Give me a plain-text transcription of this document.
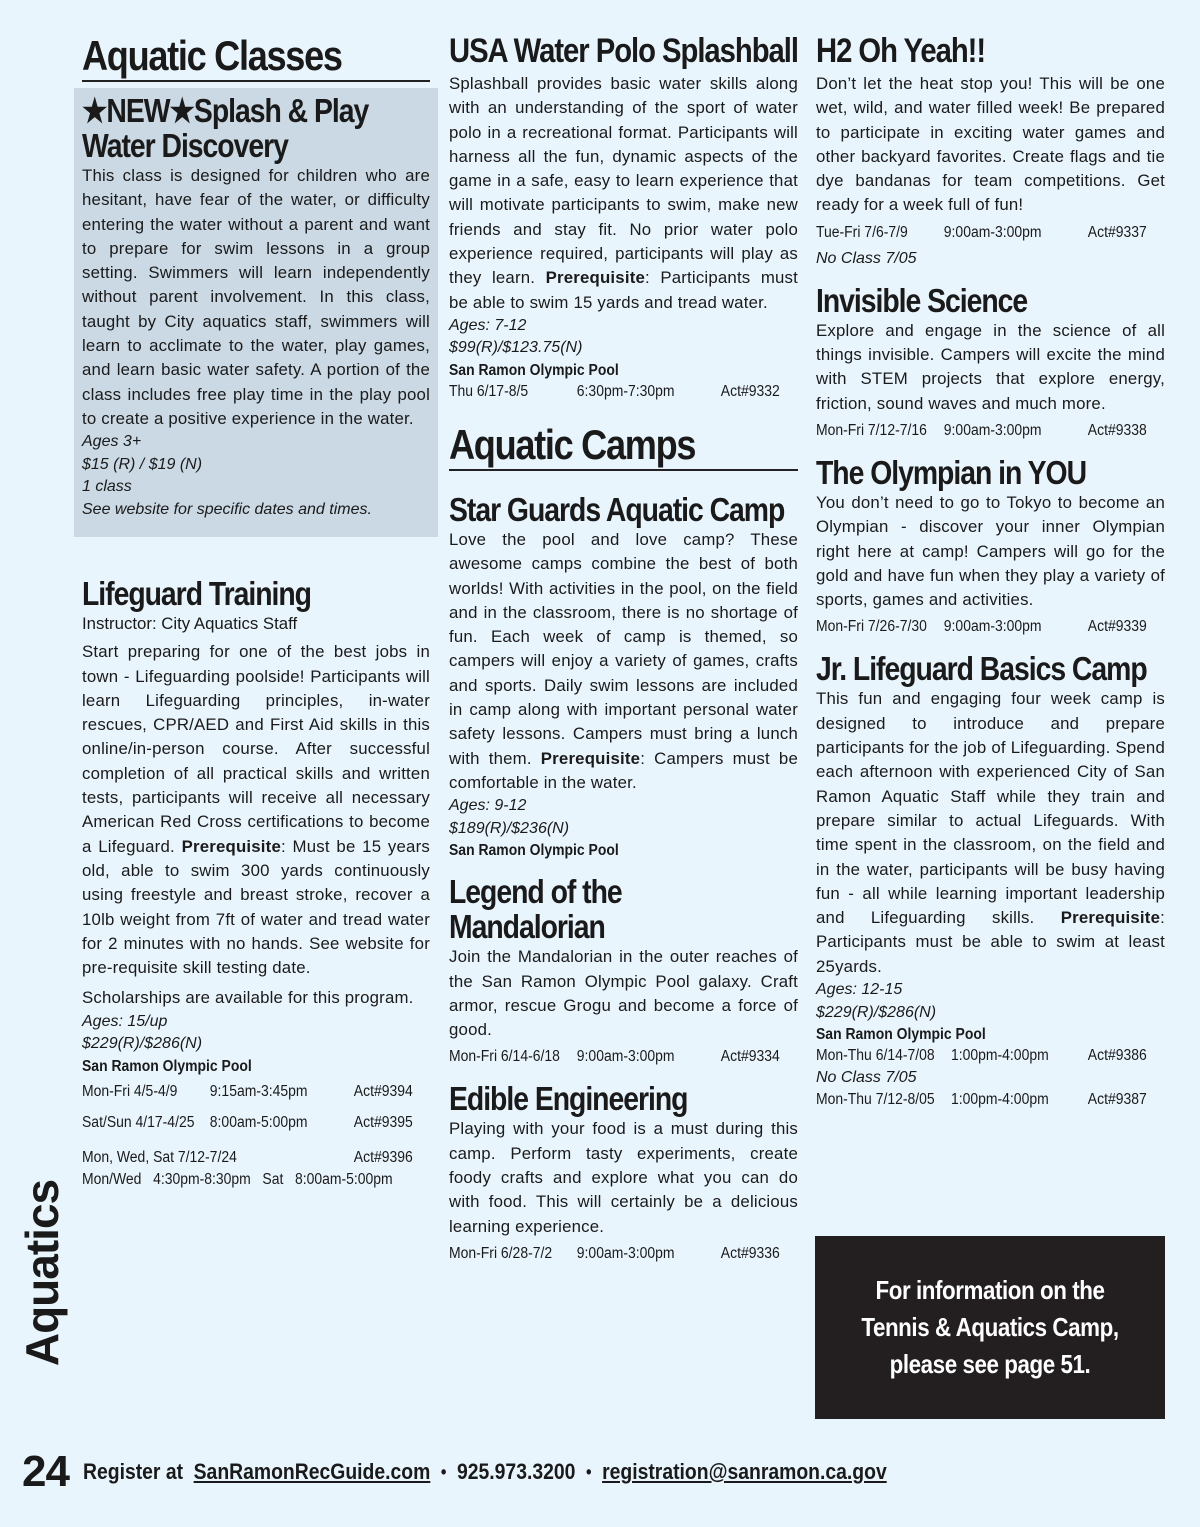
Aquatic Classes
★NEW★Splash & Play
Water Discovery

This class is designed for children who are hesitant, have fear of the water, or difficulty entering the water without a parent and want to prepare for swim lessons in a group setting. Swimmers will learn independently without parent involvement. In this class, taught by City aquatics staff, swimmers will learn to acclimate to the water, play games, and learn basic water safety. A portion of the class includes free play time in the play pool to create a positive experience in the water.

Ages 3+
$15 (R) / $19 (N)
1 class
See website for specific dates and times.
Lifeguard Training
Instructor: City Aquatics Staff

Start preparing for one of the best jobs in town - Lifeguarding poolside! Participants will learn Lifeguarding principles, in-water rescues, CPR/AED and First Aid skills in this online/in-person course. After successful completion of all practical skills and written tests, participants will receive all necessary American Red Cross certifications to become a Lifeguard. Prerequisite: Must be 15 years old, able to swim 300 yards continuously using freestyle and breast stroke, recover a 10lb weight from 7ft of water and tread water for 2 minutes with no hands. See website for pre-requisite skill testing date.

Scholarships are available for this program.

Ages: 15/up
$229(R)/$286(N)
San Ramon Olympic Pool
Mon-Fri 4/5-4/9	9:15am-3:45pm	Act#9394
Sat/Sun 4/17-4/25 8:00am-5:00pm	Act#9395
Mon, Wed, Sat 7/12-7/24	Act#9396
Mon/Wed   4:30pm-8:30pm   Sat   8:00am-5:00pm
USA Water Polo Splashball

Splashball provides basic water skills along with an understanding of the sport of water polo in a recreational format. Participants will harness all the fun, dynamic aspects of the game in a safe, easy to learn experience that will motivate participants to swim, make new friends and stay fit. No prior water polo experience required, participants will play as they learn. Prerequisite: Participants must be able to swim 15 yards and tread water.

Ages: 7-12
$99(R)/$123.75(N)
San Ramon Olympic Pool
Thu 6/17-8/5	6:30pm-7:30pm	Act#9332
Aquatic Camps
Star Guards Aquatic Camp

Love the pool and love camp? These awesome camps combine the best of both worlds! With activities in the pool, on the field and in the classroom, there is no shortage of fun. Each week of camp is themed, so campers will enjoy a variety of games, crafts and sports. Daily swim lessons are included in camp along with important personal water safety lessons. Campers must bring a lunch with them. Prerequisite: Campers must be comfortable in the water.

Ages: 9-12
$189(R)/$236(N)
San Ramon Olympic Pool
Legend of the
Mandalorian

Join the Mandalorian in the outer reaches of the San Ramon Olympic Pool galaxy. Craft armor, rescue Grogu and become a force of good.

Mon-Fri 6/14-6/18	9:00am-3:00pm	Act#9334
Edible Engineering

Playing with your food is a must during this camp. Perform tasty experiments, create foody crafts and explore what you can do with food. This will certainly be a delicious learning experience.

Mon-Fri 6/28-7/2	9:00am-3:00pm	Act#9336
H2 Oh Yeah!!

Don’t let the heat stop you! This will be one wet, wild, and water filled week! Be prepared to participate in exciting water games and other backyard favorites. Create flags and tie dye bandanas for team competitions. Get ready for a week full of fun!

Tue-Fri 7/6-7/9	9:00am-3:00pm	Act#9337
No Class 7/05
Invisible Science

Explore and engage in the science of all things invisible. Campers will excite the mind with STEM projects that explore energy, friction, sound waves and much more.

Mon-Fri 7/12-7/16	9:00am-3:00pm	Act#9338
The Olympian in YOU

You don’t need to go to Tokyo to become an Olympian - discover your inner Olympian right here at camp! Campers will go for the gold and have fun when they play a variety of sports, games and activities.

Mon-Fri 7/26-7/30	9:00am-3:00pm	Act#9339
Jr. Lifeguard Basics Camp

This fun and engaging four week camp is designed to introduce and prepare participants for the job of Lifeguarding. Spend each afternoon with experienced City of San Ramon Aquatic Staff while they train and prepare similar to actual Lifeguards. With time spent in the classroom, on the field and in the water, participants will be busy having fun - all while learning important leadership and Lifeguarding skills. Prerequisite: Participants must be able to swim at least 25yards.

Ages: 12-15
$229(R)/$286(N)
San Ramon Olympic Pool
Mon-Thu 6/14-7/08	1:00pm-4:00pm	Act#9386
No Class 7/05
Mon-Thu 7/12-8/05	1:00pm-4:00pm	Act#9387
For information on the Tennis & Aquatics Camp, please see page 51.
Aquatics
24 Register at SanRamonRecGuide.com • 925.973.3200 • registration@sanramon.ca.gov
